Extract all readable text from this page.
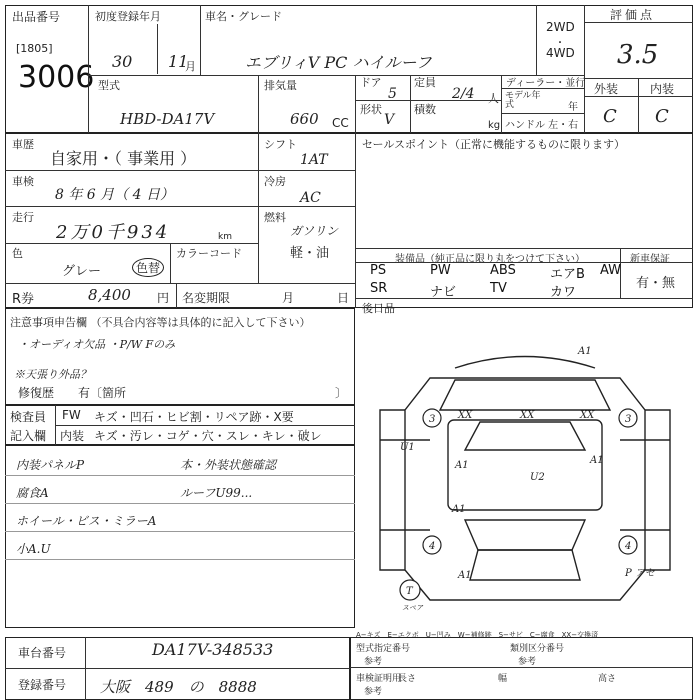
出品番号
[1805]
3006
初度登録年月
30 11
月
車名・グレード
エブリィV PC ハイルーフ
2WD
・
4WD
評価点
3.5
型式
HBD-DA17V
排気量
660 CC
ドア
5
定員
2/4 人
形状
V
積数
kg
ディーラー・並行
モデル年式	年
ハンドル 左・右
外装	内装
C C
車歴
自家用・（ 事業用 ）
シフト
1AT
セールスポイント（正常に機能するものに限ります）
車検
8 年 6 月（ 4 日）
冷房
AC
走行
2万0千934	km
燃料
ガソリン
軽・油
色
グレー	色替
カラーコード	装備品（純正品に限り丸をつけて下さい）	新車保証
有・無
PS	PW	ABS	エアB AW
SR	ナビ	TV	カワ
R券	8,400 円 名変期限	月	日
後日品
注意事項申告欄 （不具合内容等は具体的に記入して下さい）
・オーディオ欠品 ・P/W Fのみ
※天張り外品？
修復歴　　有〔箇所	〕
検査員
記入欄
FW キズ・凹石・ヒビ割・リペア跡・X要
内装 キズ・汚レ・コゲ・穴・スレ・キレ・破レ
内装パネルP
腐食A
ホイール・ビス・ミラーA
小A.U
本・外装状態確認
ルーフU99...
A1
U1
A1	A1
U2
A1
A1
XX	XX	XX
3	3
4	4
P アセ
T
スペア
A−キズ　E−エクボ　U−凹み　W−補修跡　S−サビ　C−腐食　XX−交換済
車台番号	DA17V-348533
登録番号 大阪　489　の　8888
型式指定番号
参考
類別区分番号
参考
車検証明用
参考
長さ	幅	高さ
